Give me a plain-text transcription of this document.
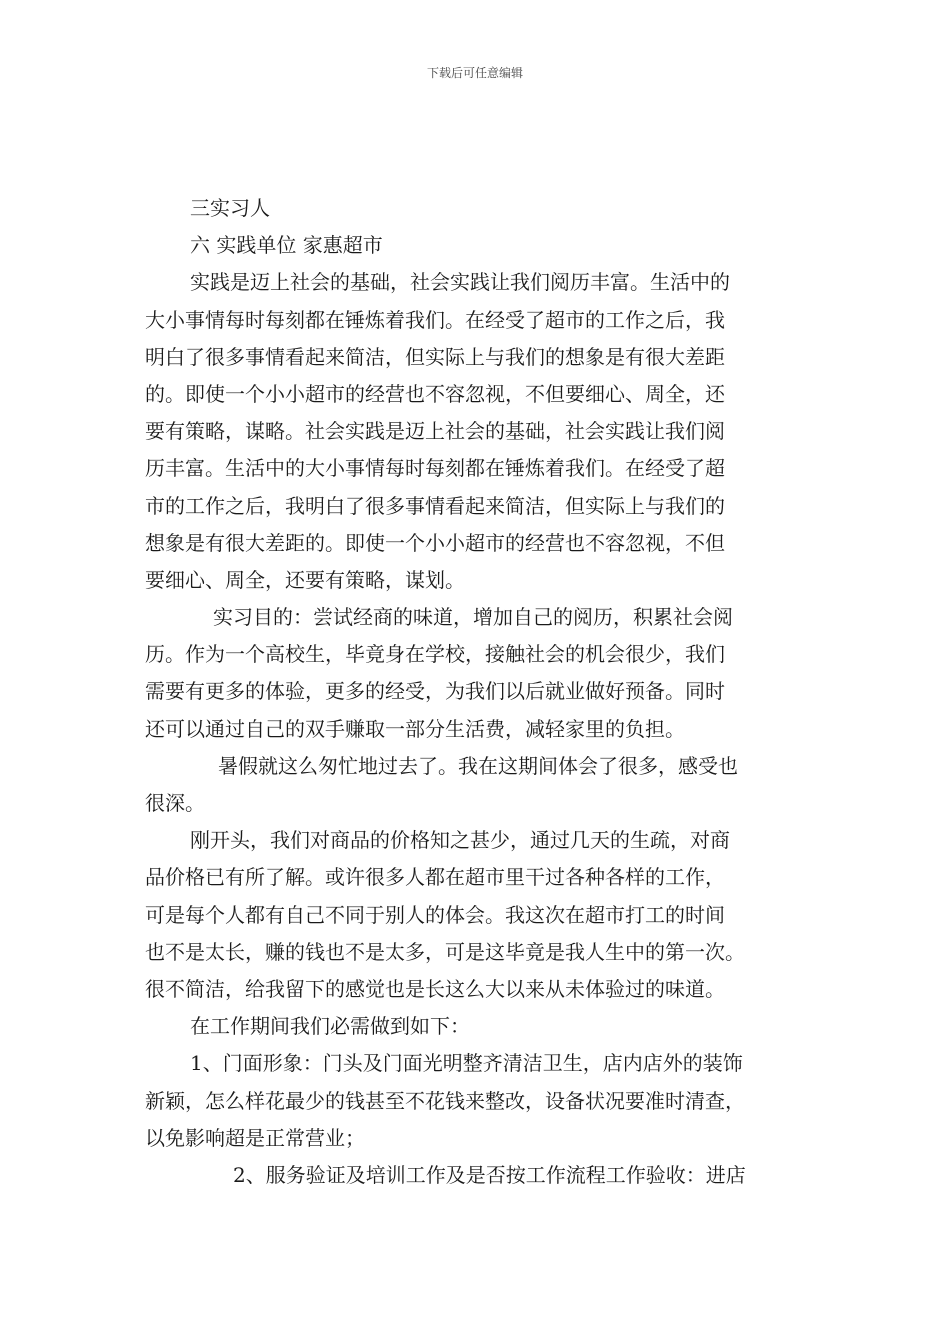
下载后可任意编辑
三实习人
六 实践单位 家惠超市
实践是迈上社会的基础，社会实践让我们阅历丰富。生活中的
大小事情每时每刻都在锤炼着我们。在经受了超市的工作之后，我
明白了很多事情看起来简洁，但实际上与我们的想象是有很大差距
的。即使一个小小超市的经营也不容忽视，不但要细心、周全，还
要有策略，谋略。社会实践是迈上社会的基础，社会实践让我们阅
历丰富。生活中的大小事情每时每刻都在锤炼着我们。在经受了超
市的工作之后，我明白了很多事情看起来简洁，但实际上与我们的
想象是有很大差距的。即使一个小小超市的经营也不容忽视，不但
要细心、周全，还要有策略，谋划。
实习目的：尝试经商的味道，增加自己的阅历，积累社会阅
历。作为一个高校生，毕竟身在学校，接触社会的机会很少，我们
需要有更多的体验，更多的经受，为我们以后就业做好预备。同时
还可以通过自己的双手赚取一部分生活费，减轻家里的负担。
暑假就这么匆忙地过去了。我在这期间体会了很多，感受也
很深。
刚开头，我们对商品的价格知之甚少，通过几天的生疏，对商
品价格已有所了解。或许很多人都在超市里干过各种各样的工作，
可是每个人都有自己不同于别人的体会。我这次在超市打工的时间
也不是太长，赚的钱也不是太多，可是这毕竟是我人生中的第一次。
很不简洁，给我留下的感觉也是长这么大以来从未体验过的味道。
在工作期间我们必需做到如下：
1、门面形象：门头及门面光明整齐清洁卫生，店内店外的装饰
新颖，怎么样花最少的钱甚至不花钱来整改，设备状况要准时清查，
以免影响超是正常营业；
2、服务验证及培训工作及是否按工作流程工作验收：进店
